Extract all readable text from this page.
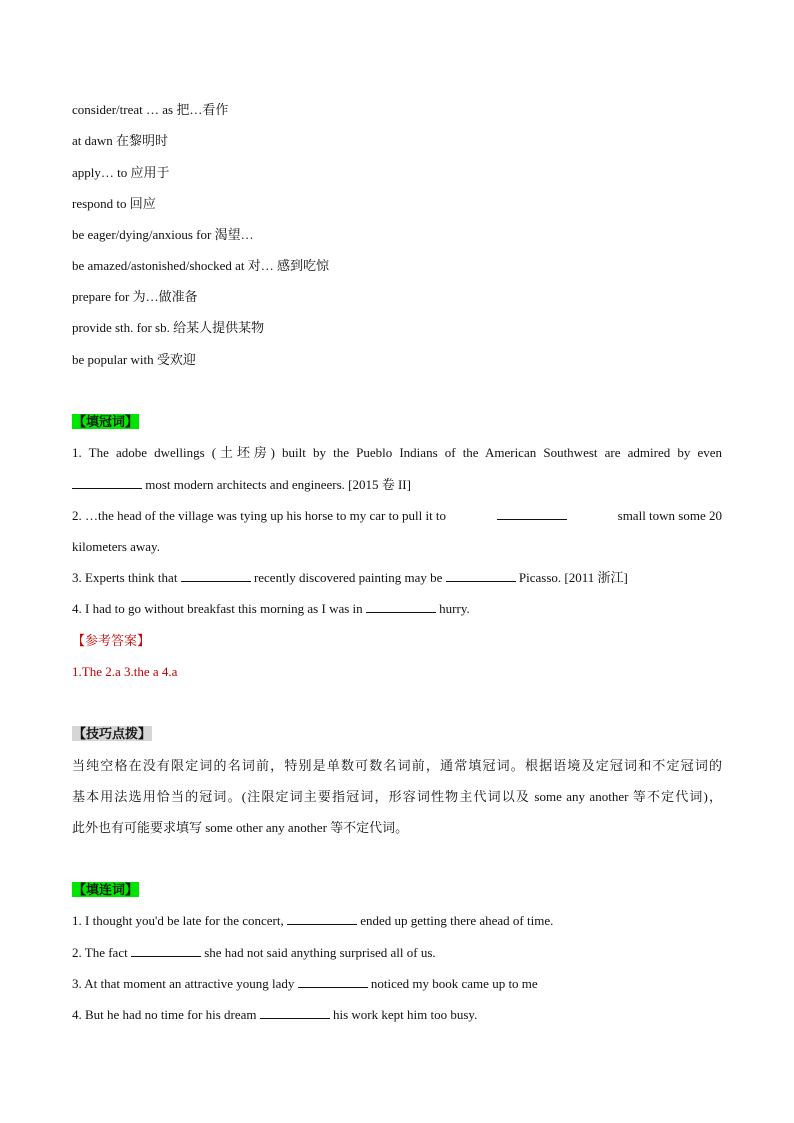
consider/treat … as 把…看作
at dawn 在黎明时
apply… to 应用于
respond to 回应
be eager/dying/anxious for 渴望…
be amazed/astonished/shocked at 对… 感到吃惊
prepare for 为…做准备
provide sth. for sb. 给某人提供某物
be popular with 受欢迎
【填冠词】
1. The adobe dwellings (土坯房) built by the Pueblo Indians of the American Southwest are admired by even
most modern architects and engineers. [2015 卷 II]
2. …the head of the village was tying up his horse to my car to pull it to	small town some 20
kilometers away.
3. Experts think that	recently discovered painting may be	Picasso. [2011 浙江]
4. I had to go without breakfast this morning as I was in	hurry.
【参考答案】
1.The 2.a 3.the a 4.a
【技巧点拨】
当纯空格在没有限定词的名词前，特别是单数可数名词前，通常填冠词。根据语境及定冠词和不定冠词的
基本用法选用恰当的冠词。(注限定词主要指冠词，形容词性物主代词以及 some any another 等不定代词)，
此外也有可能要求填写 some other any another 等不定代词。
【填连词】
1. I thought you'd be late for the concert,	ended up getting there ahead of time.
2. The fact	she had not said anything surprised all of us.
3. At that moment an attractive young lady	noticed my book came up to me
4. But he had no time for his dream	his work kept him too busy.
